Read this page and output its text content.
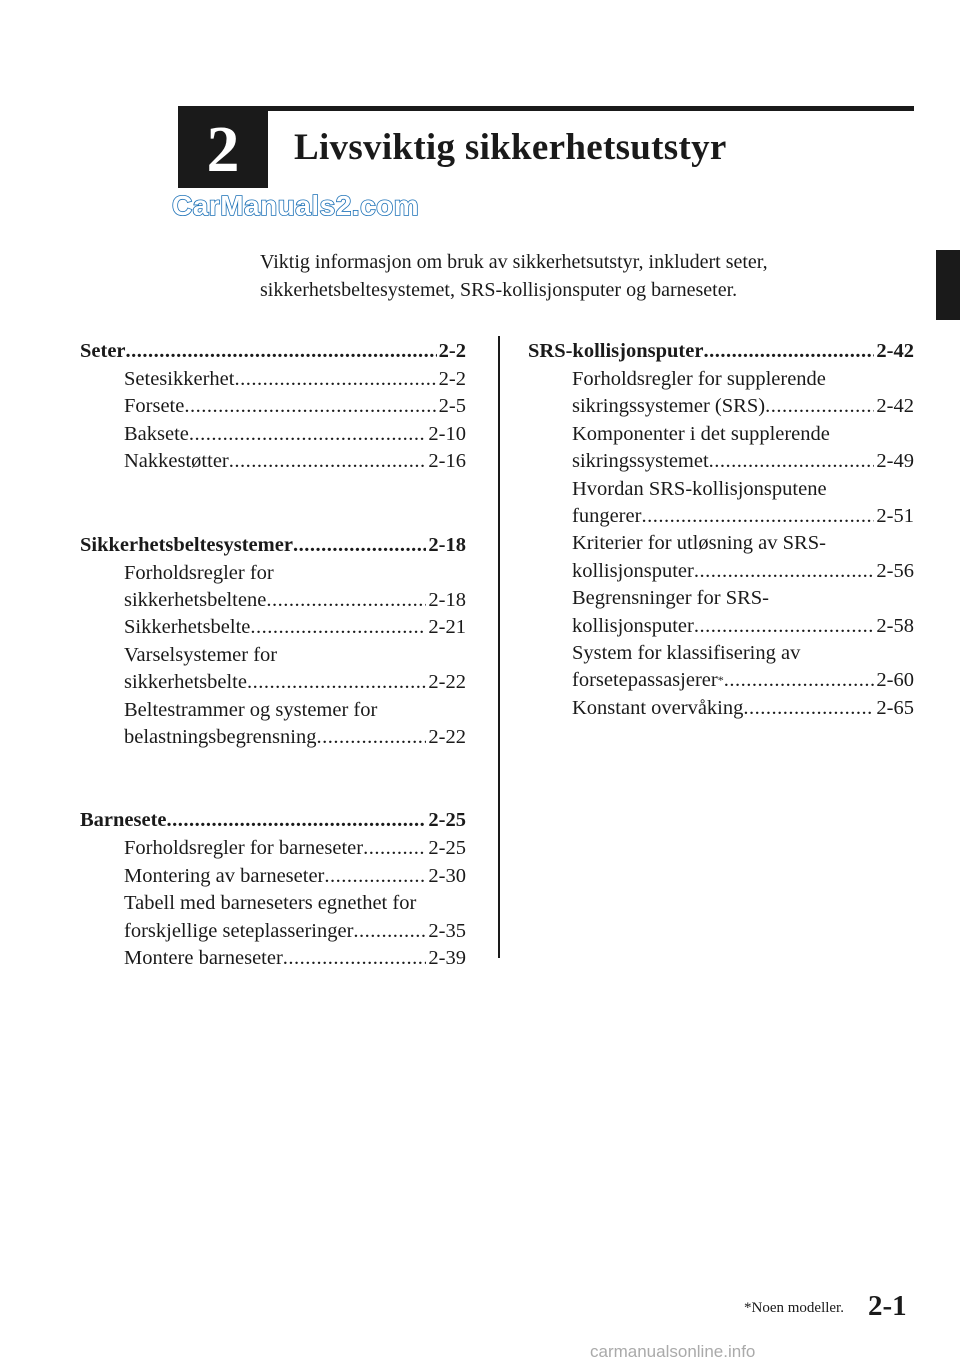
2	Livsviktig sikkerhetsutstyr
CarManuals2.com
Viktig informasjon om bruk av sikkerhetsutstyr, inkludert seter,
sikkerhetsbeltesystemet, SRS-kollisjonsputer og barneseter.
Seter .....	2-2
Setesikkerhet .....	2-2
Forsete .....	2-5
Baksete .....	2-10
Nakkestøtter .....	2-16
Sikkerhetsbeltesystemer .....	2-18
Forholdsregler for
sikkerhetsbeltene .....	2-18
Sikkerhetsbelte .....	2-21
Varselsystemer for
sikkerhetsbelte .....	2-22
Beltestrammer og systemer for
belastningsbegrensning .....	2-22
Barnesete .....	2-25
Forholdsregler for barneseter .....	2-25
Montering av barneseter .....	2-30
Tabell med barneseters egnethet for
forskjellige seteplasseringer .....	2-35
Montere barneseter .....	2-39
SRS-kollisjonsputer .....	2-42
Forholdsregler for supplerende
sikringssystemer (SRS) .....	2-42
Komponenter i det supplerende
sikringssystemet .....	2-49
Hvordan SRS-kollisjonsputene
fungerer .....	2-51
Kriterier for utløsning av SRS-
kollisjonsputer .....	2-56
Begrensninger for SRS-
kollisjonsputer .....	2-58
System for klassifisering av
forsetepassasjerer* .....	2-60
Konstant overvåking .....	2-65
*Noen modeller. 2-1
carmanualsonline.info
